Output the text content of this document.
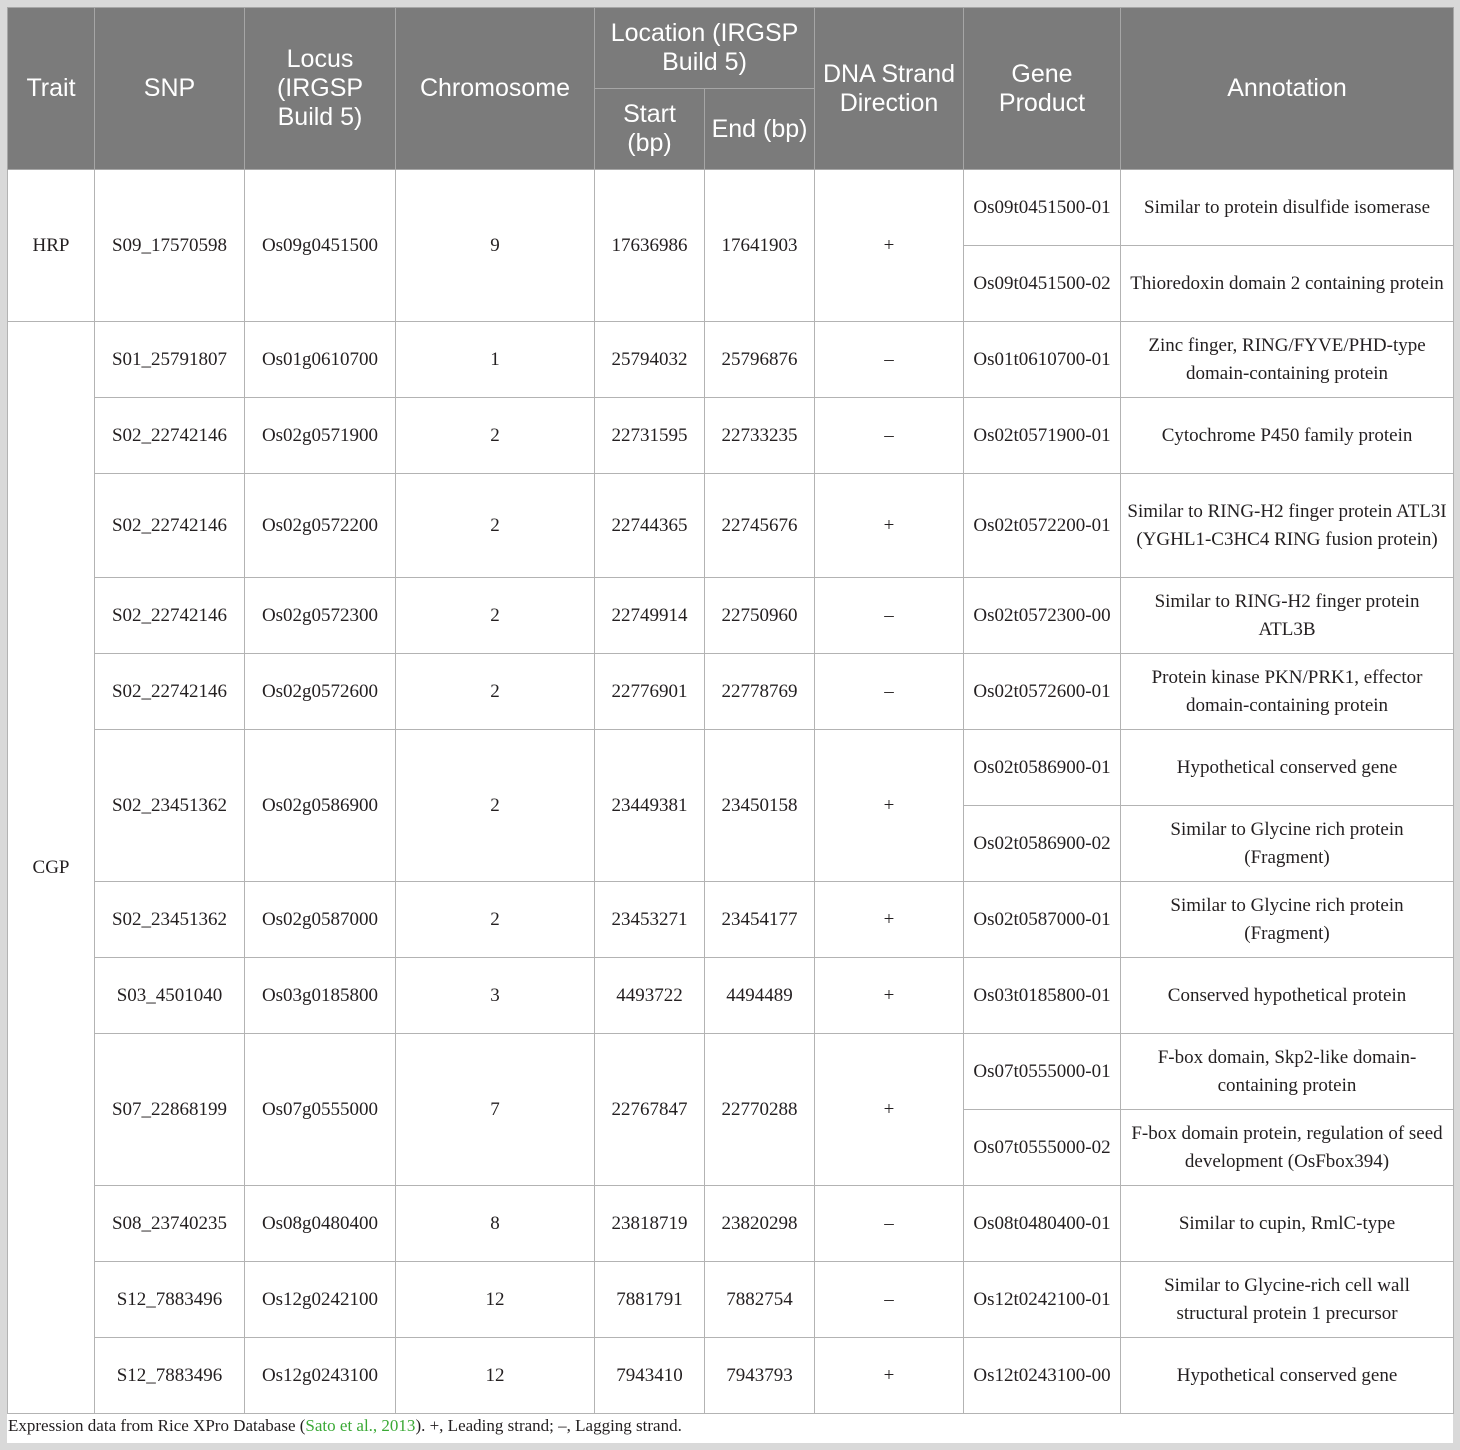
Trait	SNP	Locus (IRGSP Build 5)	Chromosome	Location (IRGSP Build 5)		DNA Strand Direction	Gene Product	Annotation
				Start (bp)	End (bp)			
HRP	S09_17570598	Os09g0451500	9	17636986	17641903	+	Os09t0451500-01	Similar to protein disulfide isomerase
							Os09t0451500-02	Thioredoxin domain 2 containing protein
CGP	S01_25791807	Os01g0610700	1	25794032	25796876	–	Os01t0610700-01	Zinc finger, RING/FYVE/PHD-type domain-containing protein
	S02_22742146	Os02g0571900	2	22731595	22733235	–	Os02t0571900-01	Cytochrome P450 family protein
	S02_22742146	Os02g0572200	2	22744365	22745676	+	Os02t0572200-01	Similar to RING-H2 finger protein ATL3I (YGHL1-C3HC4 RING fusion protein)
	S02_22742146	Os02g0572300	2	22749914	22750960	–	Os02t0572300-00	Similar to RING-H2 finger protein ATL3B
	S02_22742146	Os02g0572600	2	22776901	22778769	–	Os02t0572600-01	Protein kinase PKN/PRK1, effector domain-containing protein
	S02_23451362	Os02g0586900	2	23449381	23450158	+	Os02t0586900-01	Hypothetical conserved gene
							Os02t0586900-02	Similar to Glycine rich protein (Fragment)
	S02_23451362	Os02g0587000	2	23453271	23454177	+	Os02t0587000-01	Similar to Glycine rich protein (Fragment)
	S03_4501040	Os03g0185800	3	4493722	4494489	+	Os03t0185800-01	Conserved hypothetical protein
	S07_22868199	Os07g0555000	7	22767847	22770288	+	Os07t0555000-01	F-box domain, Skp2-like domain-containing protein
							Os07t0555000-02	F-box domain protein, regulation of seed development (OsFbox394)
	S08_23740235	Os08g0480400	8	23818719	23820298	–	Os08t0480400-01	Similar to cupin, RmlC-type
	S12_7883496	Os12g0242100	12	7881791	7882754	–	Os12t0242100-01	Similar to Glycine-rich cell wall structural protein 1 precursor
	S12_7883496	Os12g0243100	12	7943410	7943793	+	Os12t0243100-00	Hypothetical conserved gene
Expression data from Rice XPro Database (Sato et al., 2013). +, Leading strand; –, Lagging strand.
